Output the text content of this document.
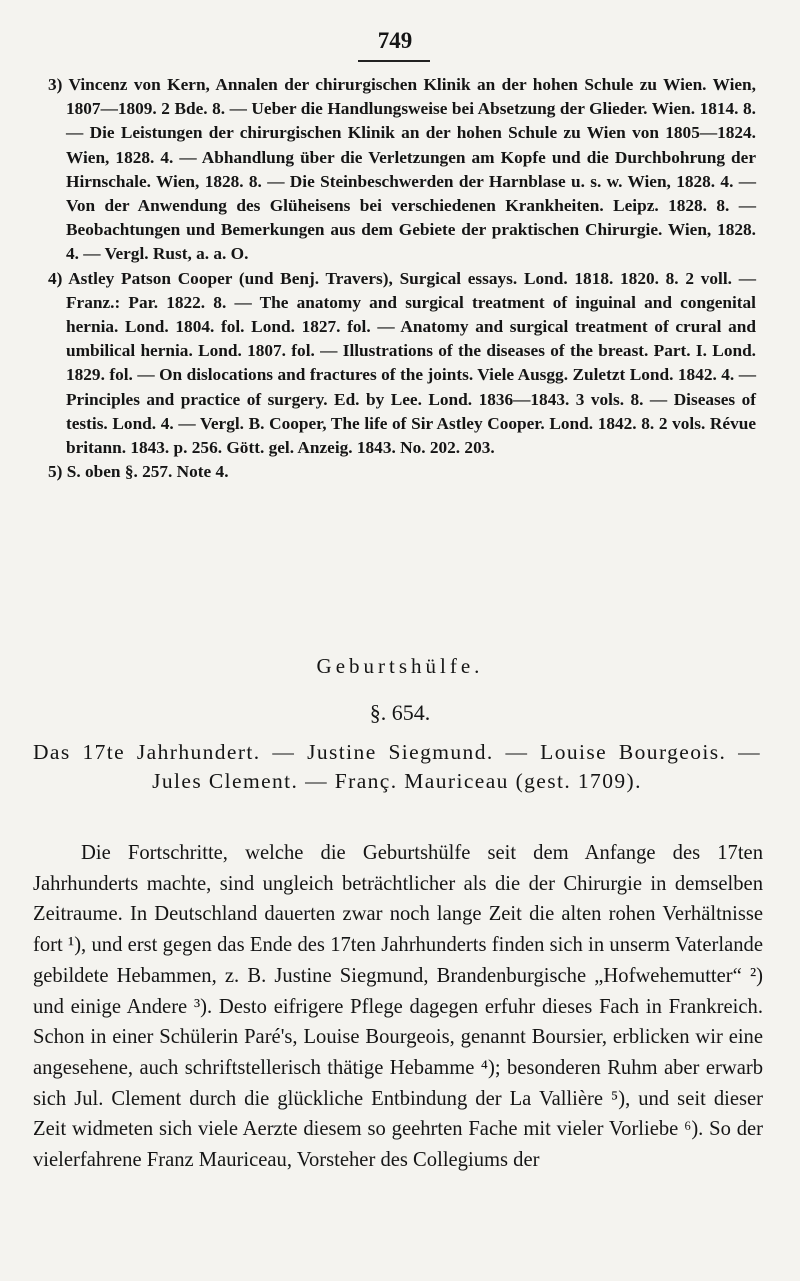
749

3) Vincenz von Kern, Annalen der chirurgischen Klinik an der hohen Schule zu Wien. Wien, 1807—1809. 2 Bde. 8. — Ueber die Handlungsweise bei Absetzung der Glieder. Wien. 1814. 8. — Die Leistungen der chirurgischen Klinik an der hohen Schule zu Wien von 1805—1824. Wien, 1828. 4. — Abhandlung über die Verletzungen am Kopfe und die Durchbohrung der Hirnschale. Wien, 1828. 8. — Die Steinbeschwerden der Harnblase u. s. w. Wien, 1828. 4. — Von der Anwendung des Glüheisens bei verschiedenen Krankheiten. Leipz. 1828. 8. — Beobachtungen und Bemerkungen aus dem Gebiete der praktischen Chirurgie. Wien, 1828. 4. — Vergl. Rust, a. a. O.

4) Astley Patson Cooper (und Benj. Travers), Surgical essays. Lond. 1818. 1820. 8. 2 voll. — Franz.: Par. 1822. 8. — The anatomy and surgical treatment of inguinal and congenital hernia. Lond. 1804. fol. Lond. 1827. fol. — Anatomy and surgical treatment of crural and umbilical hernia. Lond. 1807. fol. — Illustrations of the diseases of the breast. Part. I. Lond. 1829. fol. — On dislocations and fractures of the joints. Viele Ausgg. Zuletzt Lond. 1842. 4. — Principles and practice of surgery. Ed. by Lee. Lond. 1836—1843. 3 vols. 8. — Diseases of testis. Lond. 4. — Vergl. B. Cooper, The life of Sir Astley Cooper. Lond. 1842. 8. 2 vols. Révue britann. 1843. p. 256. Gött. gel. Anzeig. 1843. No. 202. 203.

5) S. oben §. 257. Note 4.

Geburtshülfe.
§. 654.
Das 17te Jahrhundert. — Justine Siegmund. — Louise Bourgeois. — Jules Clement. — Franç. Mauriceau (gest. 1709).

Die Fortschritte, welche die Geburtshülfe seit dem Anfange des 17ten Jahrhunderts machte, sind ungleich beträchtlicher als die der Chirurgie in demselben Zeitraume. In Deutschland dauerten zwar noch lange Zeit die alten rohen Verhältnisse fort ¹), und erst gegen das Ende des 17ten Jahrhunderts finden sich in unserm Vaterlande gebildete Hebammen, z. B. Justine Siegmund, Brandenburgische „Hofwehemutter“ ²) und einige Andere ³). Desto eifrigere Pflege dagegen erfuhr dieses Fach in Frankreich. Schon in einer Schülerin Paré's, Louise Bourgeois, genannt Boursier, erblicken wir eine angesehene, auch schriftstellerisch thätige Hebamme ⁴); besonderen Ruhm aber erwarb sich Jul. Clement durch die glückliche Entbindung der La Vallière ⁵), und seit dieser Zeit widmeten sich viele Aerzte diesem so geehrten Fache mit vieler Vorliebe ⁶). So der vielerfahrene Franz Mauriceau, Vorsteher des Collegiums der
